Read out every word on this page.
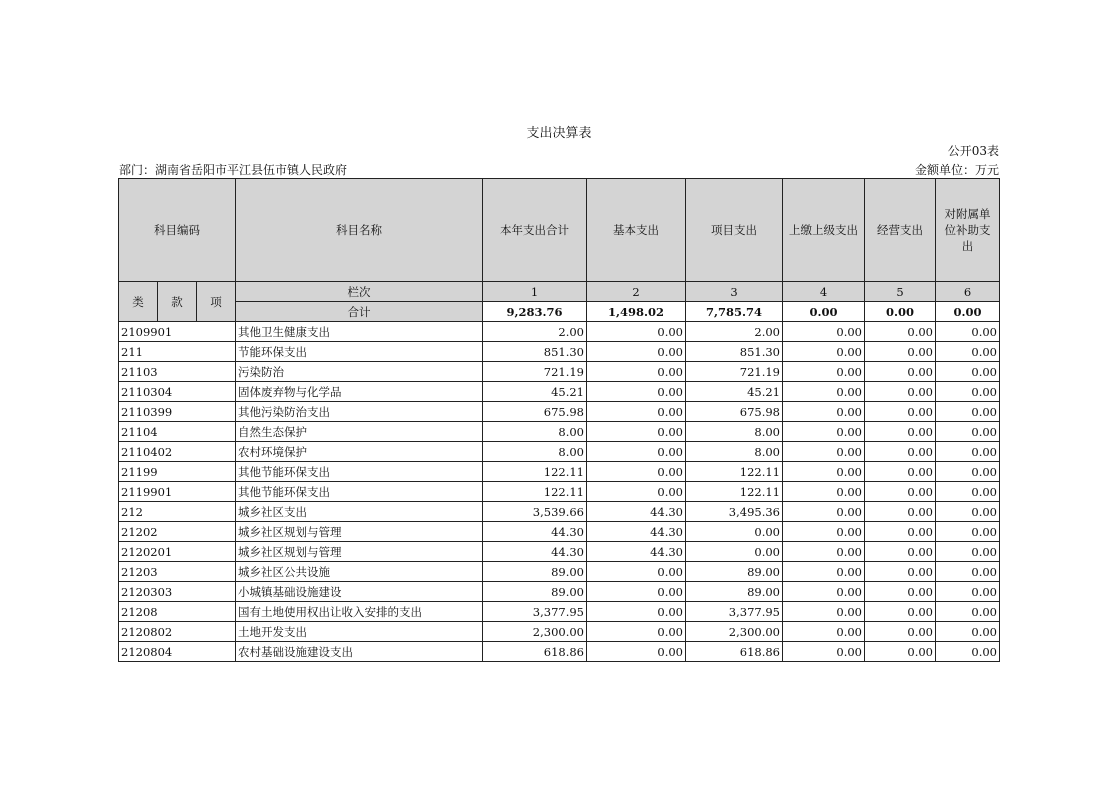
支出决算表
公开03表
部门：湖南省岳阳市平江县伍市镇人民政府	金额单位：万元
科目编码			科目名称	本年支出合计	基本支出	项目支出	上缴上级支出	经营支出	对附属单位补助支出
类	款	项	栏次	1	2	3	4	5	6
			合计	9,283.76	1,498.02	7,785.74	0.00	0.00	0.00
2109901			其他卫生健康支出	2.00	0.00	2.00	0.00	0.00	0.00
211			节能环保支出	851.30	0.00	851.30	0.00	0.00	0.00
21103			污染防治	721.19	0.00	721.19	0.00	0.00	0.00
2110304			固体废弃物与化学品	45.21	0.00	45.21	0.00	0.00	0.00
2110399			其他污染防治支出	675.98	0.00	675.98	0.00	0.00	0.00
21104			自然生态保护	8.00	0.00	8.00	0.00	0.00	0.00
2110402			农村环境保护	8.00	0.00	8.00	0.00	0.00	0.00
21199			其他节能环保支出	122.11	0.00	122.11	0.00	0.00	0.00
2119901			其他节能环保支出	122.11	0.00	122.11	0.00	0.00	0.00
212			城乡社区支出	3,539.66	44.30	3,495.36	0.00	0.00	0.00
21202			城乡社区规划与管理	44.30	44.30	0.00	0.00	0.00	0.00
2120201			城乡社区规划与管理	44.30	44.30	0.00	0.00	0.00	0.00
21203			城乡社区公共设施	89.00	0.00	89.00	0.00	0.00	0.00
2120303			小城镇基础设施建设	89.00	0.00	89.00	0.00	0.00	0.00
21208			国有土地使用权出让收入安排的支出	3,377.95	0.00	3,377.95	0.00	0.00	0.00
2120802			土地开发支出	2,300.00	0.00	2,300.00	0.00	0.00	0.00
2120804			农村基础设施建设支出	618.86	0.00	618.86	0.00	0.00	0.00
